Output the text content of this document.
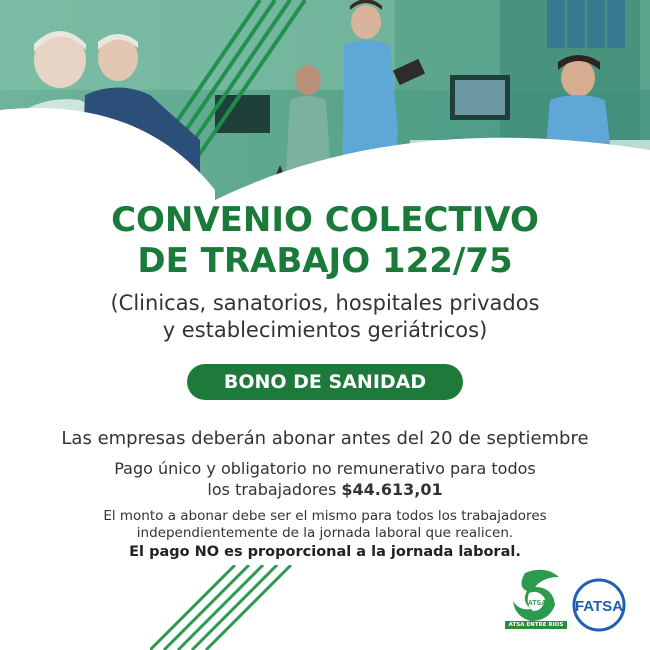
CONVENIO COLECTIVO
DE TRABAJO 122/75
(Clinicas, sanatorios, hospitales privados
y establecimientos geriátricos)
BONO DE SANIDAD
Las empresas deberán abonar antes del 20 de septiembre
Pago único y obligatorio no remunerativo para todos
los trabajadores $44.613,01
El monto a abonar debe ser el mismo para todos los trabajadores
independientemente de la jornada laboral que realicen.
El pago NO es proporcional a la jornada laboral.
ATSA
ATSA ENTRE RIOS
FATSA
